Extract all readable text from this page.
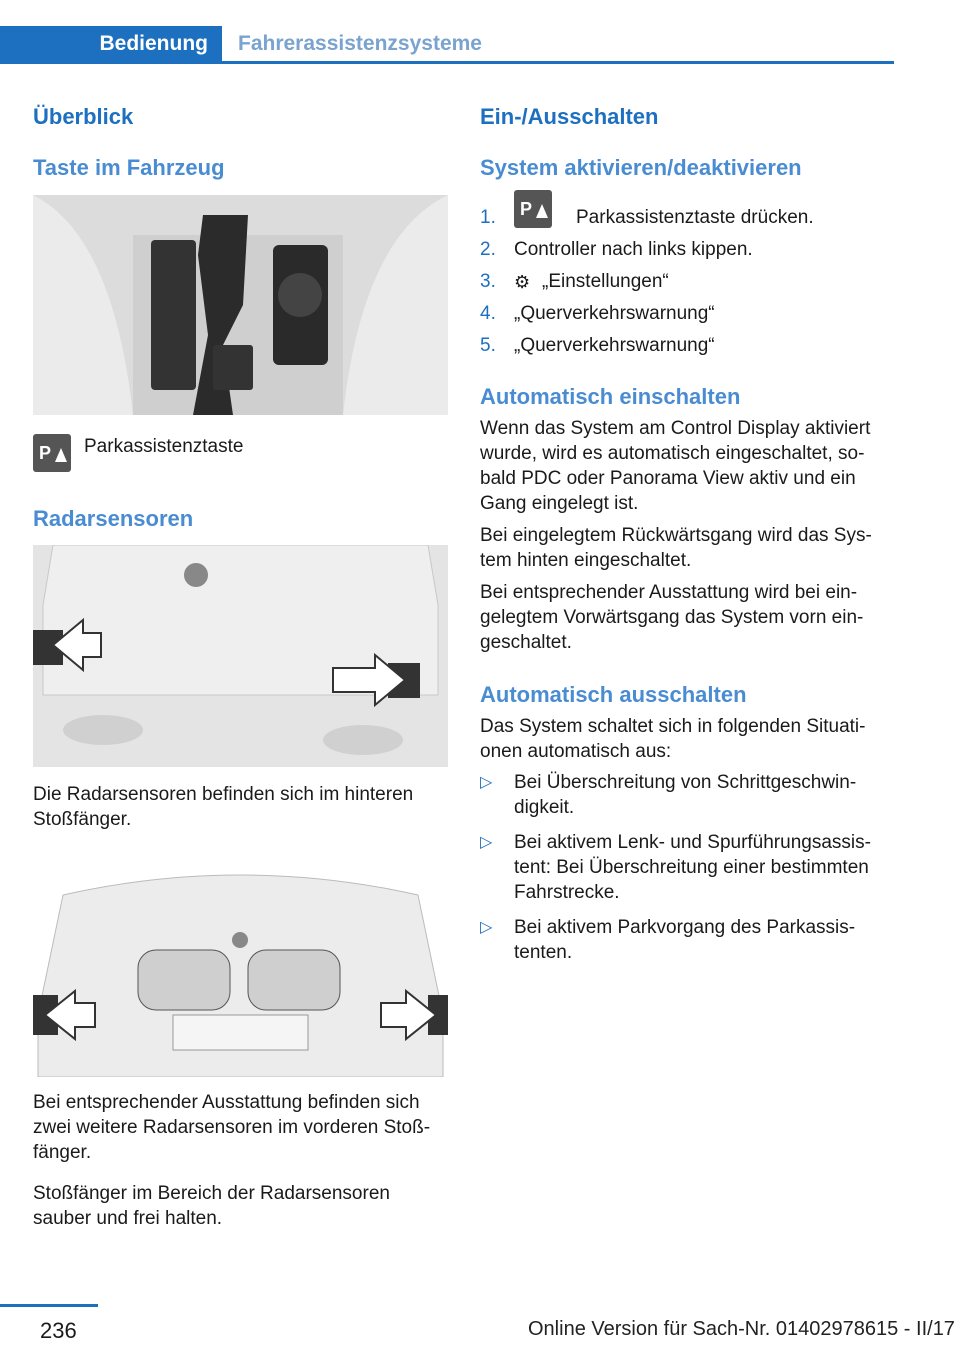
Bedienung	Fahrerassistenzsysteme
Überblick
Taste im Fahrzeug
P Parkassistenztaste
Radarsensoren
Die Radarsensoren befinden sich im hinteren Stoßfänger.
Bei entsprechender Ausstattung befinden sich zwei weitere Radarsensoren im vorderen Stoß-fänger.
Stoßfänger im Bereich der Radarsensoren sauber und frei halten.
Ein-/Ausschalten
System aktivieren/deaktivieren
1. P Parkassistenztaste drücken.
2. Controller nach links kippen.
3. ⚙ „Einstellungen“
4. „Querverkehrswarnung“
5. „Querverkehrswarnung“
Automatisch einschalten
Wenn das System am Control Display aktiviert wurde, wird es automatisch eingeschaltet, so-bald PDC oder Panorama View aktiv und ein Gang eingelegt ist.
Bei eingelegtem Rückwärtsgang wird das Sys-tem hinten eingeschaltet.
Bei entsprechender Ausstattung wird bei ein-gelegtem Vorwärtsgang das System vorn ein-geschaltet.
Automatisch ausschalten
Das System schaltet sich in folgenden Situati-onen automatisch aus:
▷ Bei Überschreitung von Schrittgeschwin-digkeit.
▷ Bei aktivem Lenk- und Spurführungsassis-tent: Bei Überschreitung einer bestimmten Fahrstrecke.
▷ Bei aktivem Parkvorgang des Parkassis-tenten.
236	Online Version für Sach-Nr. 01402978615 - II/17
